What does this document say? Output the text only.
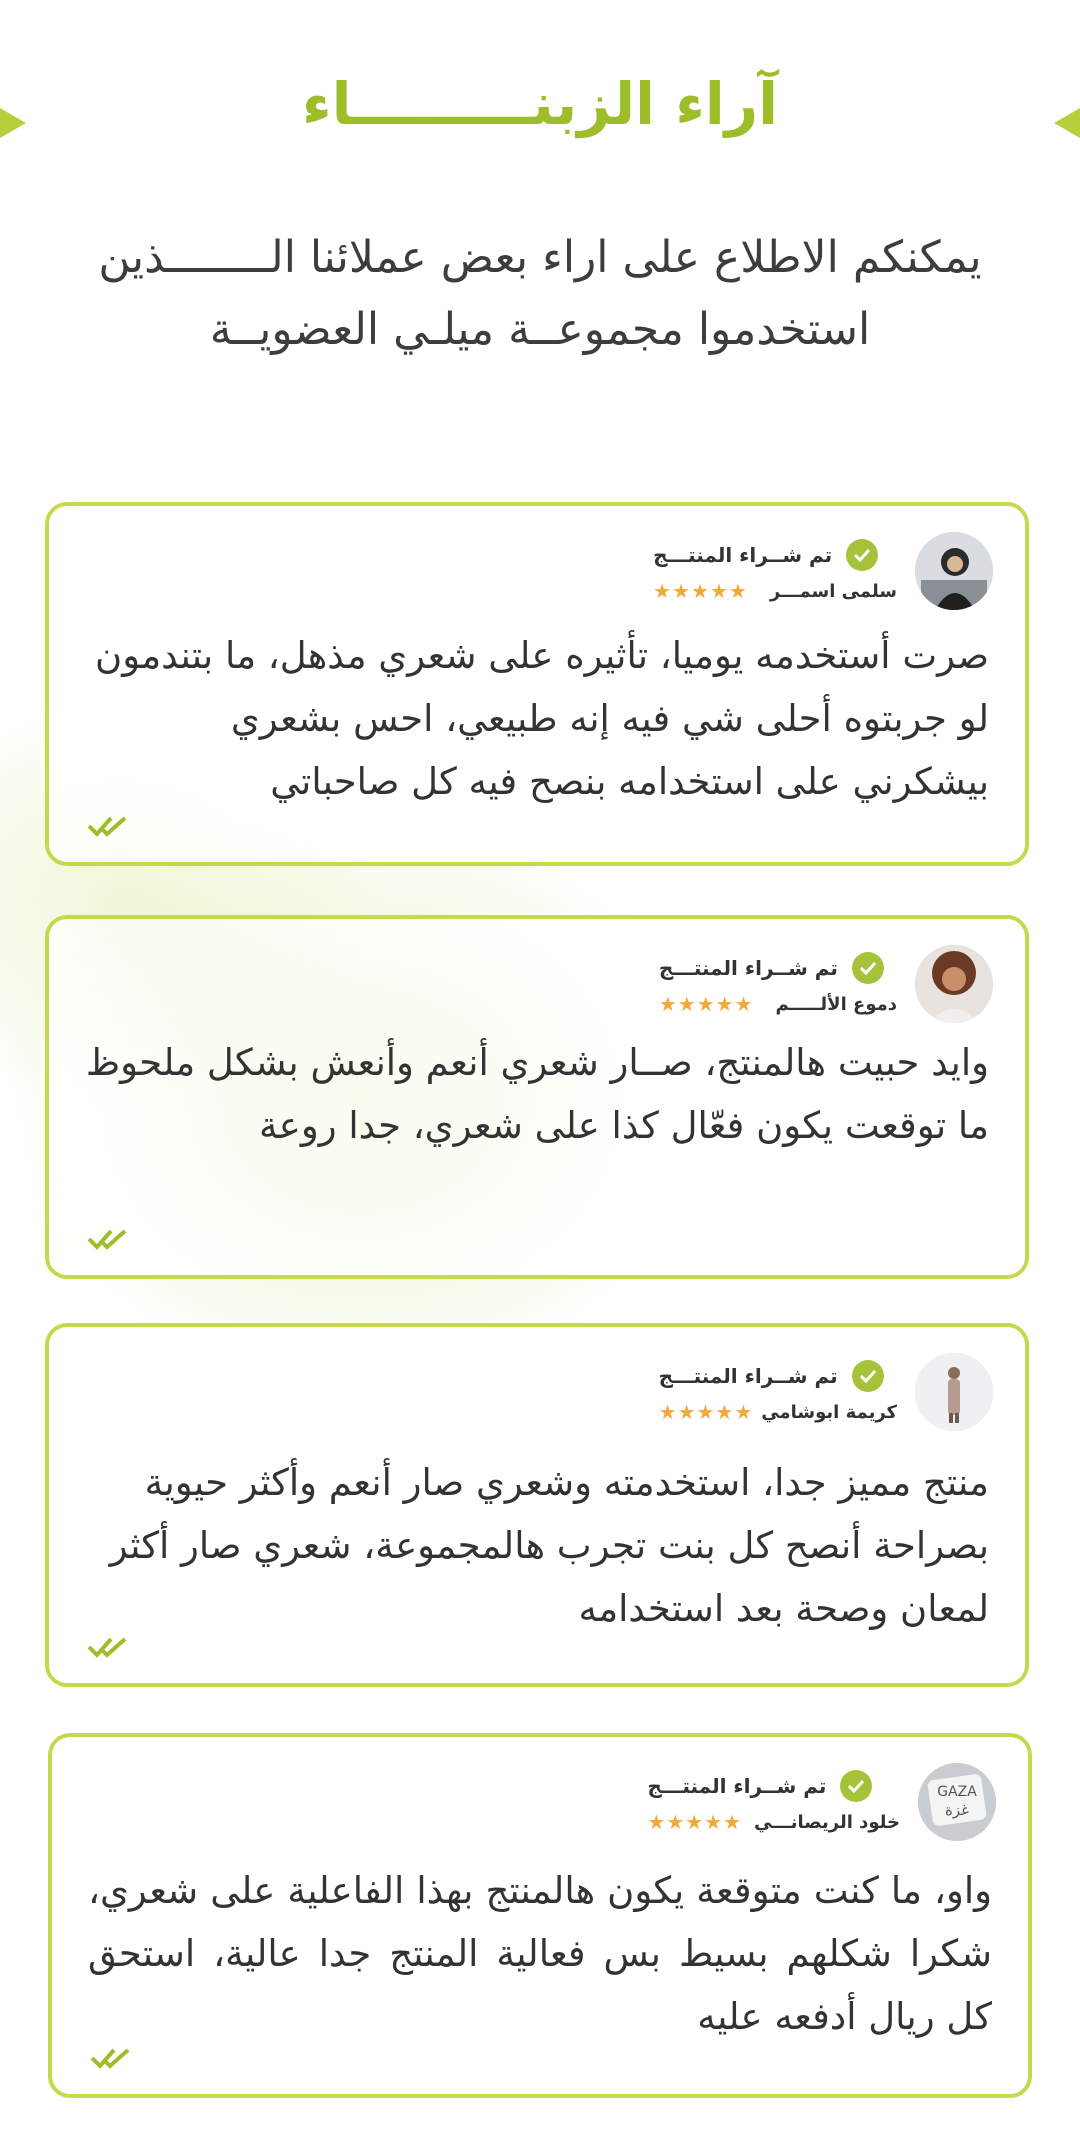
آراء الزبنـــــــــاء

يمكنكم الاطلاع على اراء بعض عملائنا الــــــــذين
استخدموا مجموعــة ميلـي العضويــة

تم شــراء المنتـــج
سلمى اسمـــر
★★★★★

صرت أستخدمه يوميا، تأثيره على شعري مذهل، ما بتندمون لو جربتوه أحلى شي فيه إنه طبيعي، احس بشعري بيشكرني على استخدامه بنصح فيه كل صاحباتي

تم شــراء المنتـــج
دموع الألـــــم
★★★★★

وايد حبيت هالمنتج، صــار شعري أنعم وأنعش بشكل ملحوظ ما توقعت يكون فعّال كذا على شعري، جدا روعة

تم شــراء المنتـــج
كريمة ابوشامي
★★★★★

منتج مميز جدا، استخدمته وشعري صار أنعم وأكثر حيوية بصراحة أنصح كل بنت تجرب هالمجموعة، شعري صار أكثر لمعان وصحة بعد استخدامه

GAZA
غزة
تم شــراء المنتـــج
خلود الريصانـــي
★★★★★

واو، ما كنت متوقعة يكون هالمنتج بهذا الفاعلية على شعري، شكرا شكلهم بسيط بس فعالية المنتج جدا عالية، استحق كل ريال أدفعه عليه
